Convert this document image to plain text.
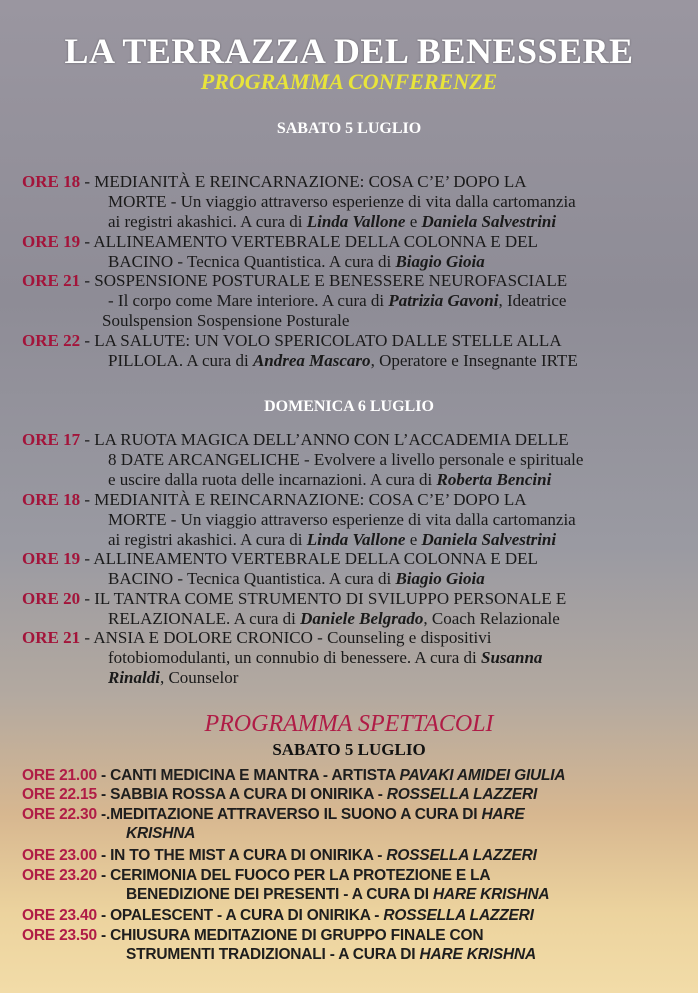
LA TERRAZZA DEL BENESSERE
PROGRAMMA CONFERENZE
SABATO 5 LUGLIO
ORE 18 - MEDIANITÀ E REINCARNAZIONE: COSA C’E’ DOPO LA
MORTE - Un viaggio attraverso esperienze di vita dalla cartomanzia
ai registri akashici. A cura di Linda Vallone e Daniela Salvestrini
ORE 19 - ALLINEAMENTO VERTEBRALE DELLA COLONNA E DEL
BACINO - Tecnica Quantistica. A cura di Biagio Gioia
ORE 21 - SOSPENSIONE POSTURALE E BENESSERE NEUROFASCIALE
- Il corpo come Mare interiore. A cura di Patrizia Gavoni, Ideatrice
Soulspension Sospensione Posturale
ORE 22 - LA SALUTE: UN VOLO SPERICOLATO DALLE STELLE ALLA
PILLOLA. A cura di Andrea Mascaro, Operatore e Insegnante IRTE
DOMENICA 6 LUGLIO
ORE 17 - LA RUOTA MAGICA DELL’ANNO CON L’ACCADEMIA DELLE
8 DATE ARCANGELICHE - Evolvere a livello personale e spirituale
e uscire dalla ruota delle incarnazioni. A cura di Roberta Bencini
ORE 18 - MEDIANITÀ E REINCARNAZIONE: COSA C’E’ DOPO LA
MORTE - Un viaggio attraverso esperienze di vita dalla cartomanzia
ai registri akashici. A cura di Linda Vallone e Daniela Salvestrini
ORE 19 - ALLINEAMENTO VERTEBRALE DELLA COLONNA E DEL
BACINO - Tecnica Quantistica. A cura di Biagio Gioia
ORE 20 - IL TANTRA COME STRUMENTO DI SVILUPPO PERSONALE E
RELAZIONALE. A cura di Daniele Belgrado, Coach Relazionale
ORE 21 - ANSIA E DOLORE CRONICO - Counseling e dispositivi
fotobiomodulanti, un connubio di benessere. A cura di Susanna
Rinaldi, Counselor
PROGRAMMA SPETTACOLI
SABATO 5 LUGLIO
ORE 21.00 - CANTI MEDICINA E MANTRA - ARTISTA PAVAKI AMIDEI GIULIA
ORE 22.15 - SABBIA ROSSA A CURA DI ONIRIKA - ROSSELLA LAZZERI
ORE 22.30 -.MEDITAZIONE ATTRAVERSO IL SUONO A CURA DI HARE
KRISHNA
ORE 23.00 - IN TO THE MIST A CURA DI ONIRIKA - ROSSELLA LAZZERI
ORE 23.20 - CERIMONIA DEL FUOCO PER LA PROTEZIONE E LA
BENEDIZIONE DEI PRESENTI - A CURA DI HARE KRISHNA
ORE 23.40 - OPALESCENT - A CURA DI ONIRIKA - ROSSELLA LAZZERI
ORE 23.50 - CHIUSURA MEDITAZIONE DI GRUPPO FINALE CON
STRUMENTI TRADIZIONALI - A CURA DI HARE KRISHNA
